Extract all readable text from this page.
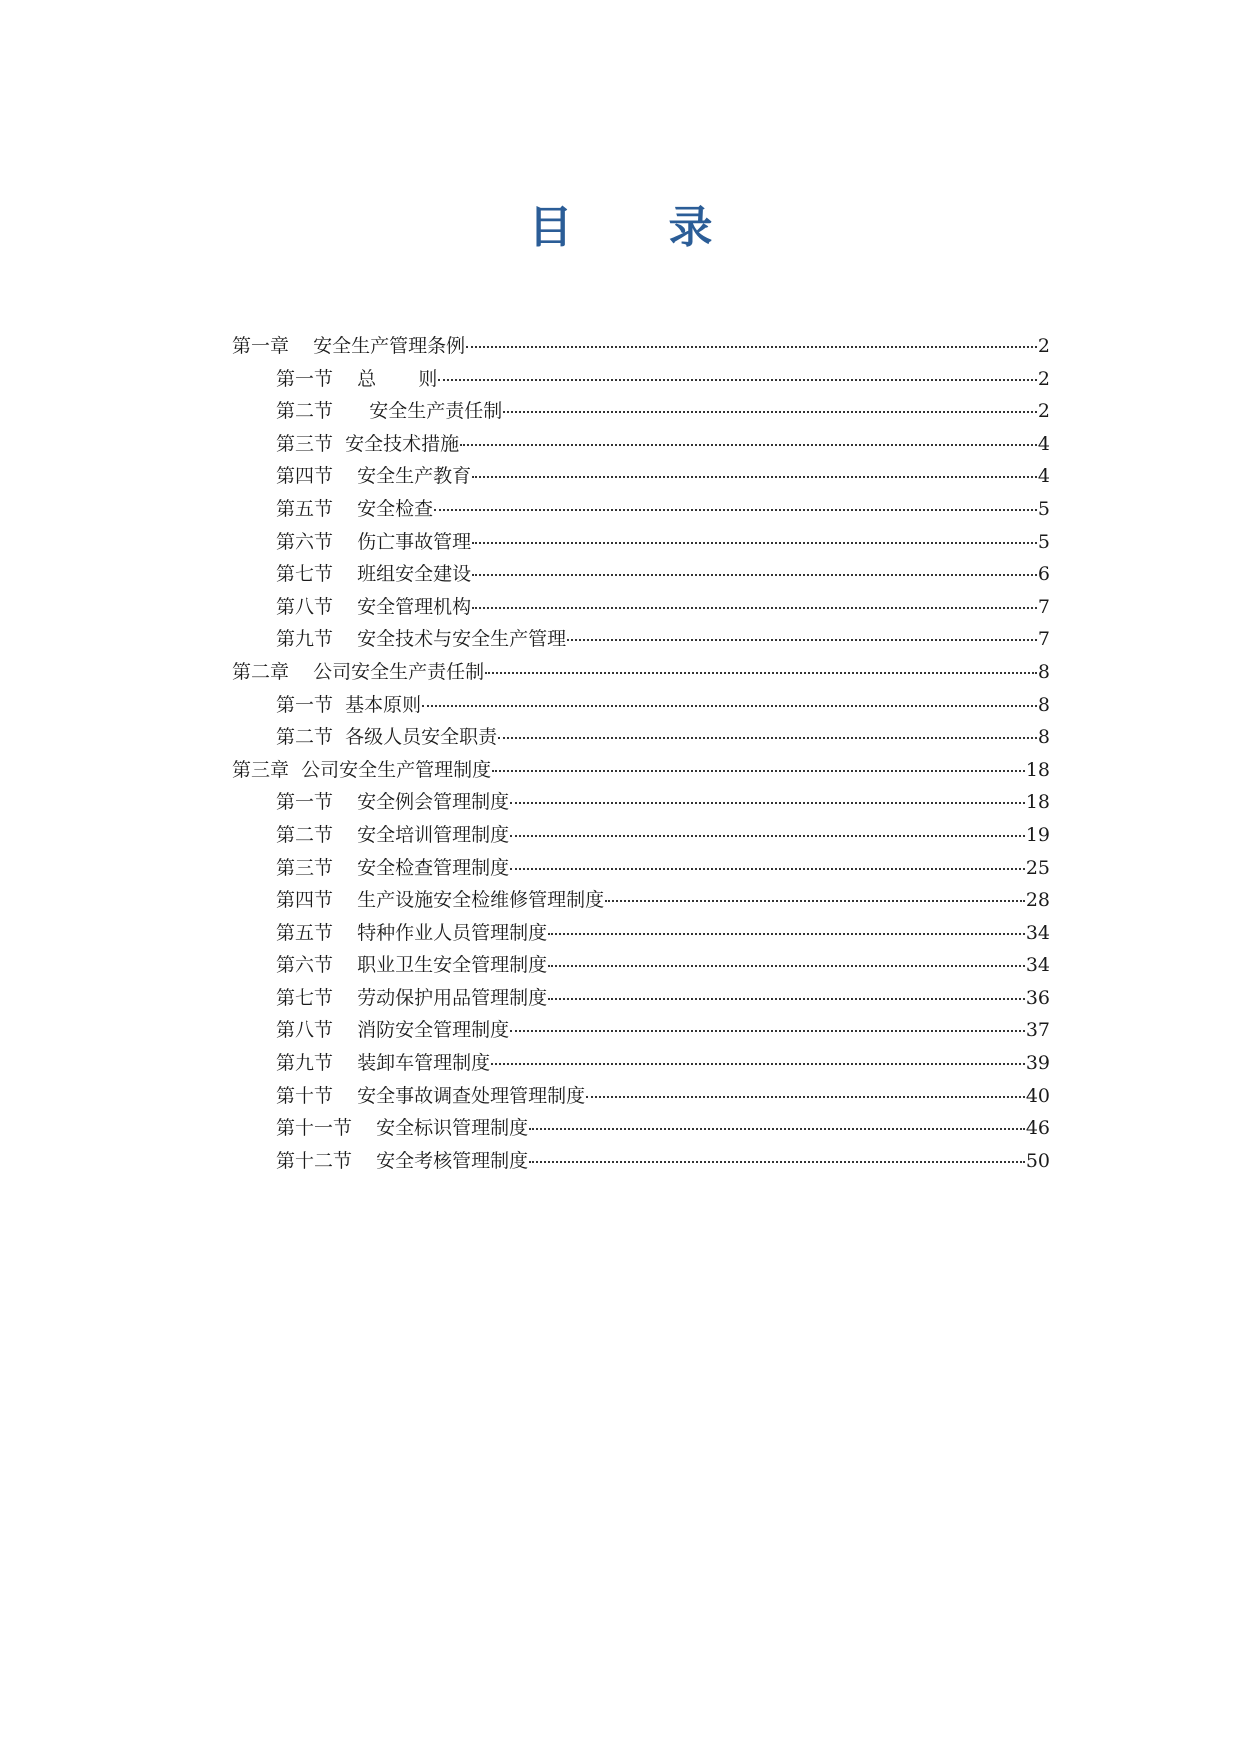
目 录
第一章    安全生产管理条例	2
第一节    总       则	2
第二节      安全生产责任制	2
第三节  安全技术措施	4
第四节    安全生产教育	4
第五节    安全检查	5
第六节    伤亡事故管理	5
第七节    班组安全建设	6
第八节    安全管理机构	7
第九节    安全技术与安全生产管理	7
第二章    公司安全生产责任制	8
第一节  基本原则	8
第二节  各级人员安全职责	8
第三章  公司安全生产管理制度	18
第一节    安全例会管理制度	18
第二节    安全培训管理制度	19
第三节    安全检查管理制度	25
第四节    生产设施安全检维修管理制度	28
第五节    特种作业人员管理制度	34
第六节    职业卫生安全管理制度	34
第七节    劳动保护用品管理制度	36
第八节    消防安全管理制度	37
第九节    装卸车管理制度	39
第十节    安全事故调查处理管理制度	40
第十一节    安全标识管理制度	46
第十二节    安全考核管理制度	50
